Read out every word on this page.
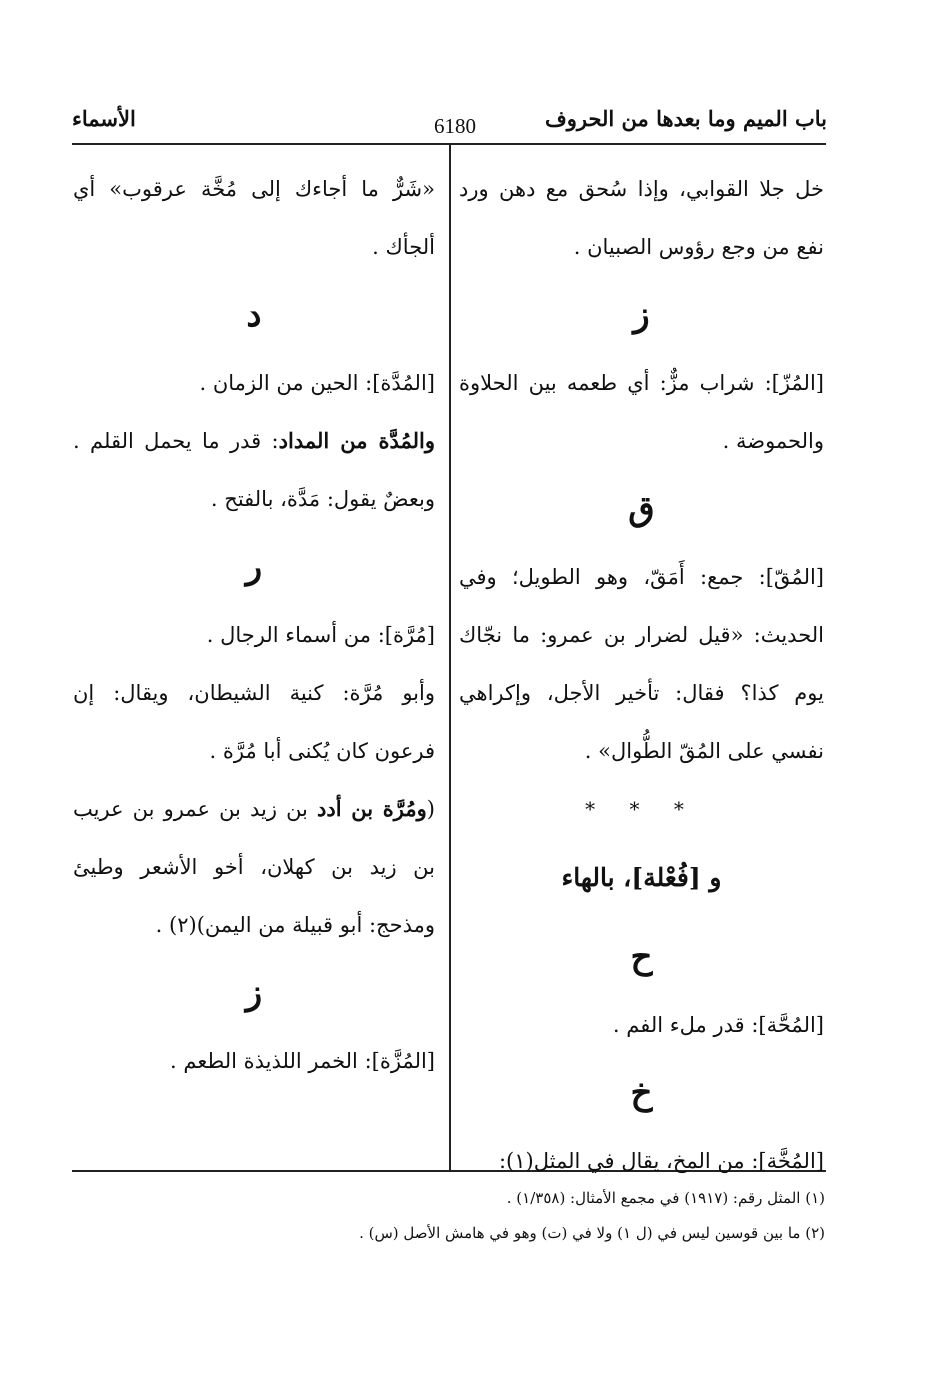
باب الميم وما بعدها من الحروف
6180
الأسماء

خل جلا القوابي، وإذا سُحق مع دهن ورد نفع من وجع رؤوس الصبيان .

ز

[المُزّ]: شراب مزٌّ: أي طعمه بين الحلاوة والحموضة .

ق

[المُقّ]: جمع: أَمَقّ، وهو الطويل؛ وفي الحديث: «قيل لضرار بن عمرو: ما نجّاك يوم كذا؟ فقال: تأخير الأجل، وإكراهي نفسي على المُقّ الطُّوال» .

* * *
و [فُعْلة]، بالهاء
ح

[المُحَّة]: قدر ملء الفم .

خ

[المُخَّة]: من المخ، يقال في المثل(١):

«شَرٌّ ما أجاءك إلى مُخَّة عرقوب» أي ألجأك .

د

[المُدَّة]: الحين من الزمان .

والمُدَّة من المداد: قدر ما يحمل القلم . وبعضٌ يقول: مَدَّة، بالفتح .

ر

[مُرَّة]: من أسماء الرجال .

وأبو مُرَّة: كنية الشيطان، ويقال: إن فرعون كان يُكنى أبا مُرَّة .

(ومُرَّة بن أدد بن زيد بن عمرو بن عريب بن زيد بن كهلان، أخو الأشعر وطيئ ومذحج: أبو قبيلة من اليمن)(٢) .

ز

[المُزَّة]: الخمر اللذيذة الطعم .

(١) المثل رقم: (١٩١٧) في مجمع الأمثال: (١/٣٥٨) .
(٢) ما بين قوسين ليس في (ل ١) ولا في (ت) وهو في هامش الأصل (س) .
